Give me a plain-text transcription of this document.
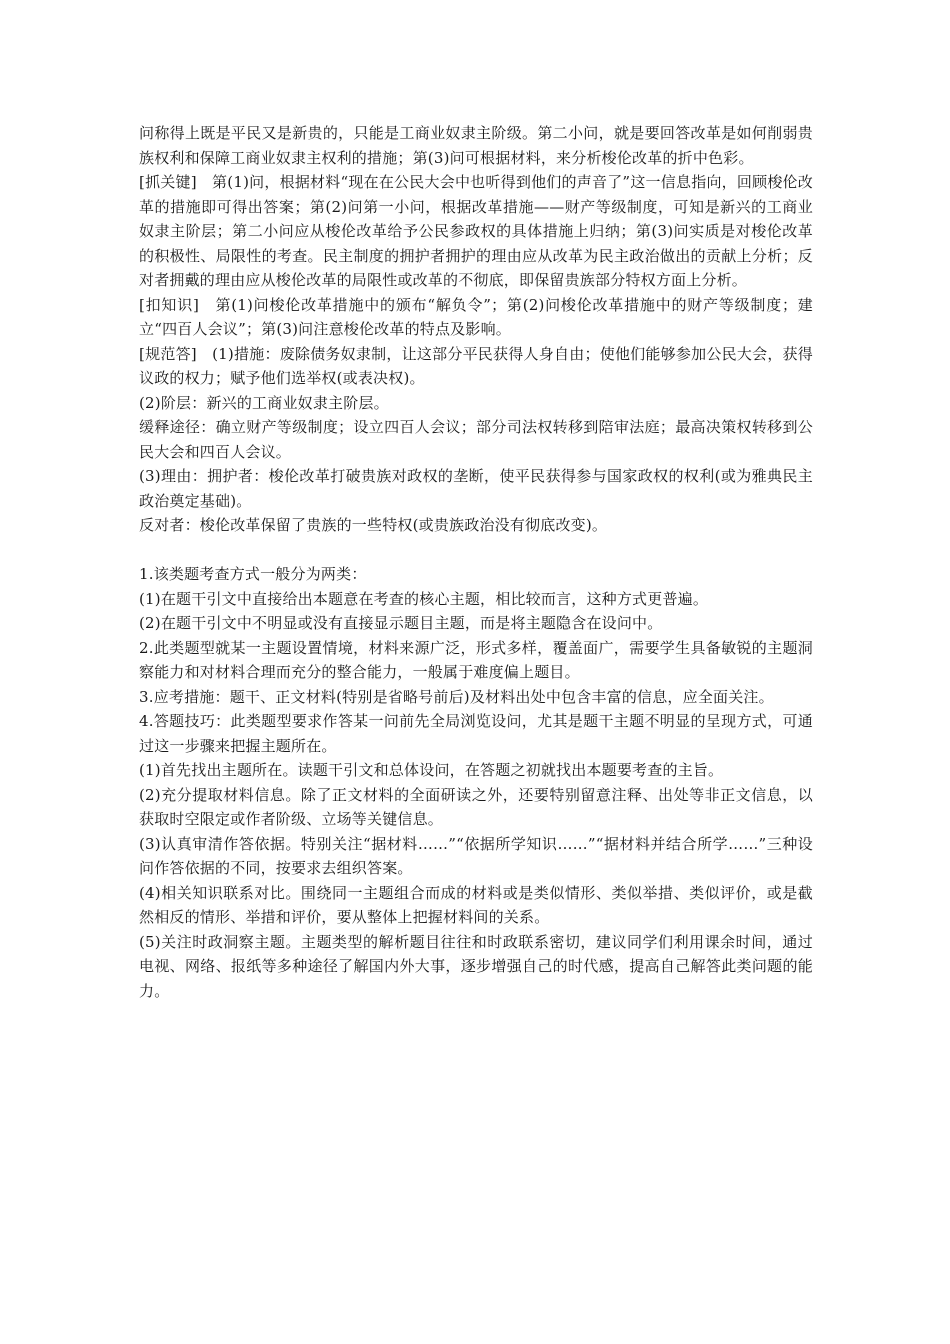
问称得上既是平民又是新贵的，只能是工商业奴隶主阶级。第二小问，就是要回答改革是如何削弱贵族权利和保障工商业奴隶主权利的措施；第(3)问可根据材料，来分析梭伦改革的折中色彩。

[抓关键]　第(1)问，根据材料“现在在公民大会中也听得到他们的声音了”这一信息指向，回顾梭伦改革的措施即可得出答案；第(2)问第一小问，根据改革措施——财产等级制度，可知是新兴的工商业奴隶主阶层；第二小问应从梭伦改革给予公民参政权的具体措施上归纳；第(3)问实质是对梭伦改革的积极性、局限性的考查。民主制度的拥护者拥护的理由应从改革为民主政治做出的贡献上分析；反对者拥戴的理由应从梭伦改革的局限性或改革的不彻底，即保留贵族部分特权方面上分析。

[扣知识]　第(1)问梭伦改革措施中的颁布“解负令”；第(2)问梭伦改革措施中的财产等级制度；建立“四百人会议”；第(3)问注意梭伦改革的特点及影响。

[规范答]　(1)措施：废除债务奴隶制，让这部分平民获得人身自由；使他们能够参加公民大会，获得议政的权力；赋予他们选举权(或表决权)。

(2)阶层：新兴的工商业奴隶主阶层。

缓释途径：确立财产等级制度；设立四百人会议；部分司法权转移到陪审法庭；最高决策权转移到公民大会和四百人会议。

(3)理由：拥护者：梭伦改革打破贵族对政权的垄断，使平民获得参与国家政权的权利(或为雅典民主政治奠定基础)。

反对者：梭伦改革保留了贵族的一些特权(或贵族政治没有彻底改变)。

1.该类题考查方式一般分为两类：

(1)在题干引文中直接给出本题意在考查的核心主题，相比较而言，这种方式更普遍。

(2)在题干引文中不明显或没有直接显示题目主题，而是将主题隐含在设问中。

2.此类题型就某一主题设置情境，材料来源广泛，形式多样，覆盖面广，需要学生具备敏锐的主题洞察能力和对材料合理而充分的整合能力，一般属于难度偏上题目。

3.应考措施：题干、正文材料(特别是省略号前后)及材料出处中包含丰富的信息，应全面关注。

4.答题技巧：此类题型要求作答某一问前先全局浏览设问，尤其是题干主题不明显的呈现方式，可通过这一步骤来把握主题所在。

(1)首先找出主题所在。读题干引文和总体设问，在答题之初就找出本题要考查的主旨。

(2)充分提取材料信息。除了正文材料的全面研读之外，还要特别留意注释、出处等非正文信息，以获取时空限定或作者阶级、立场等关键信息。

(3)认真审清作答依据。特别关注“据材料……”“依据所学知识……”“据材料并结合所学……”三种设问作答依据的不同，按要求去组织答案。

(4)相关知识联系对比。围绕同一主题组合而成的材料或是类似情形、类似举措、类似评价，或是截然相反的情形、举措和评价，要从整体上把握材料间的关系。

(5)关注时政洞察主题。主题类型的解析题目往往和时政联系密切，建议同学们利用课余时间，通过电视、网络、报纸等多种途径了解国内外大事，逐步增强自己的时代感，提高自己解答此类问题的能力。
